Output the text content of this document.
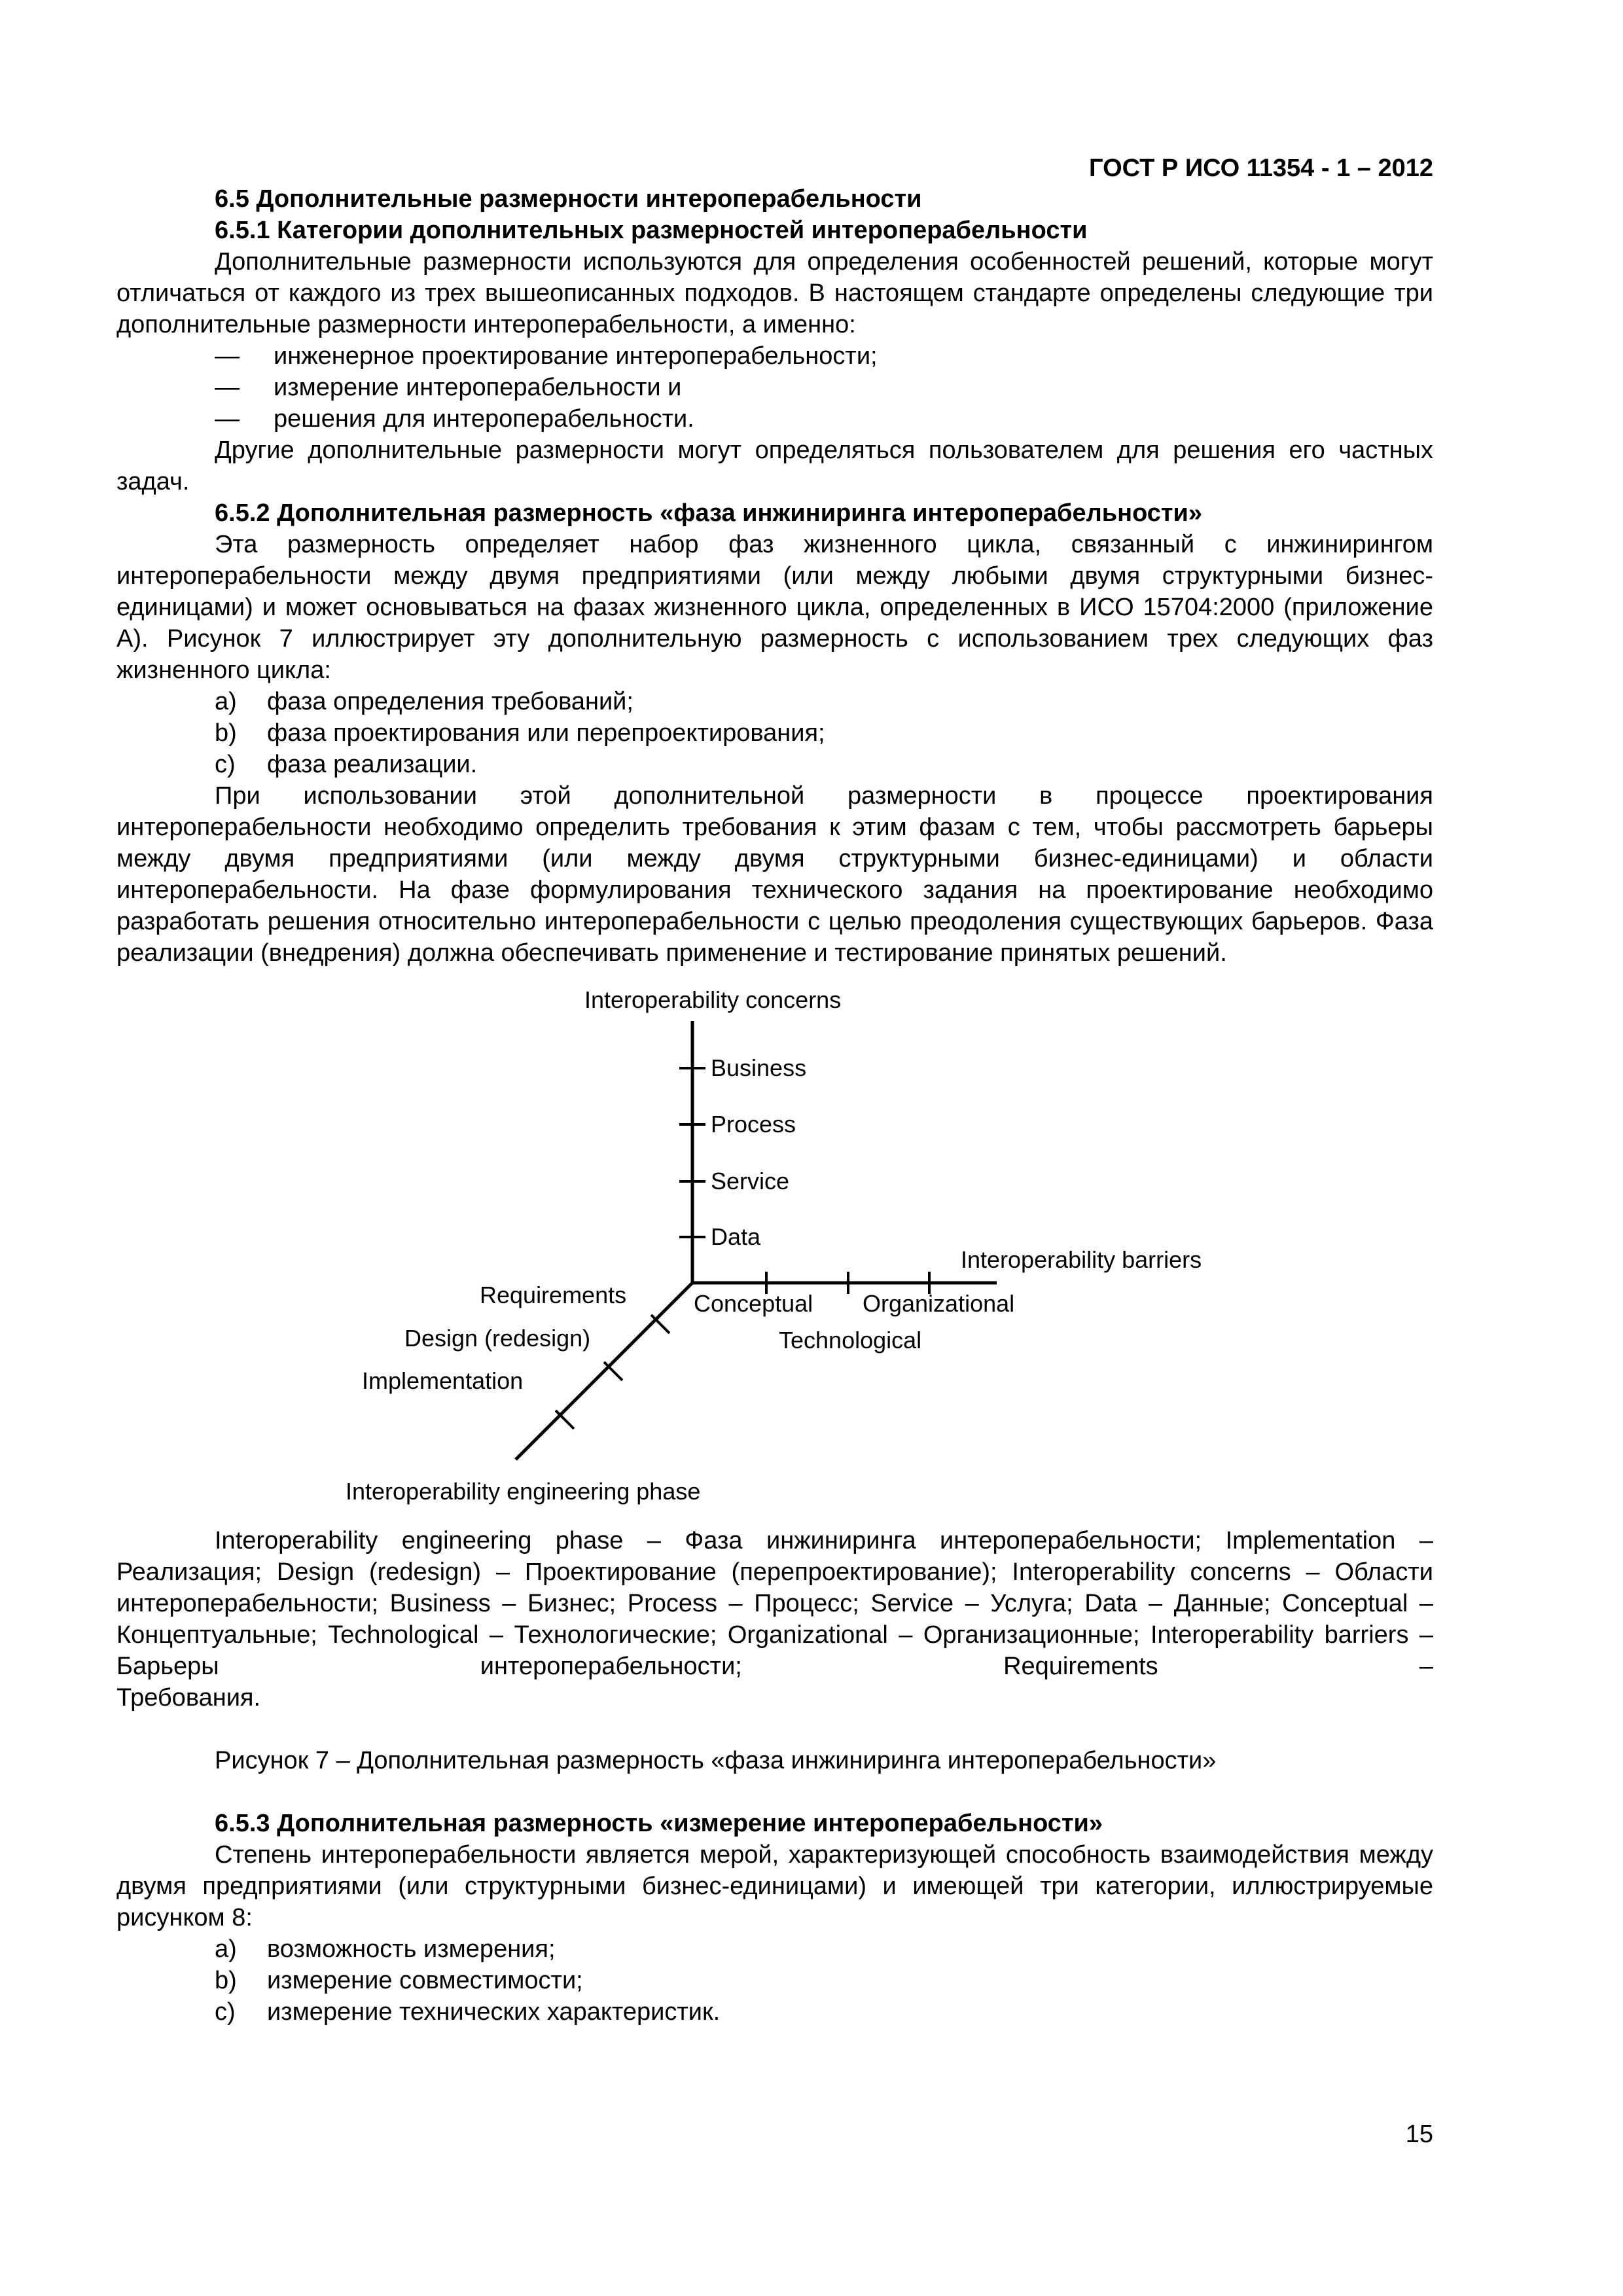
ГОСТ Р ИСО 11354 - 1 – 2012

6.5 Дополнительные размерности интероперабельности

6.5.1 Категории дополнительных размерностей интероперабельности

Дополнительные размерности используются для определения особенностей решений, которые могут отличаться от каждого из трех вышеописанных подходов. В настоящем стандарте определены следующие три дополнительные размерности интероперабельности, а именно:

—	инженерное проектирование интероперабельности;
—	измерение интероперабельности и
—	решения для интероперабельности.

Другие дополнительные размерности могут определяться пользователем для решения его частных задач.

6.5.2 Дополнительная размерность «фаза инжиниринга интероперабельности»

Эта размерность определяет набор фаз жизненного цикла, связанный с инжинирингом интероперабельности между двумя предприятиями (или между любыми двумя структурными бизнес-единицами) и может основываться на фазах жизненного цикла, определенных в ИСО 15704:2000 (приложение А). Рисунок 7 иллюстрирует эту дополнительную размерность с использованием трех следующих фаз жизненного цикла:

a)	фаза определения требований;
b)	фаза проектирования или перепроектирования;
c)	фаза реализации.

При использовании этой дополнительной размерности в процессе проектирования интероперабельности необходимо определить требования к этим фазам с тем, чтобы рассмотреть барьеры между двумя предприятиями (или между двумя структурными бизнес-единицами) и области интероперабельности. На фазе формулирования технического задания на проектирование необходимо разработать решения относительно интероперабельности с целью преодоления существующих барьеров. Фаза реализации (внедрения) должна обеспечивать применение и тестирование принятых решений.

Interoperability concerns
Business
Process
Service
Data
Interoperability barriers
Conceptual
Technological
Organizational
Interoperability engineering phase
Requirements
Design (redesign)
Implementation

Interoperability engineering phase – Фаза инжиниринга интероперабельности; Implementation – Реализация; Design (redesign) – Проектирование (перепроектирование); Interoperability concerns – Области интероперабельности; Business – Бизнес; Process – Процесс; Service – Услуга; Data – Данные; Conceptual – Концептуальные; Technological – Технологические; Organizational – Организационные; Interoperability barriers – Барьеры интероперабельности; Requirements –

Требования.

Рисунок 7 – Дополнительная размерность «фаза инжиниринга интероперабельности»

6.5.3 Дополнительная размерность «измерение интероперабельности»

Степень интероперабельности является мерой, характеризующей способность взаимодействия между двумя предприятиями (или структурными бизнес-единицами) и имеющей три категории, иллюстрируемые рисунком 8:

a)	возможность измерения;
b)	измерение совместимости;
c)	измерение технических характеристик.
15
